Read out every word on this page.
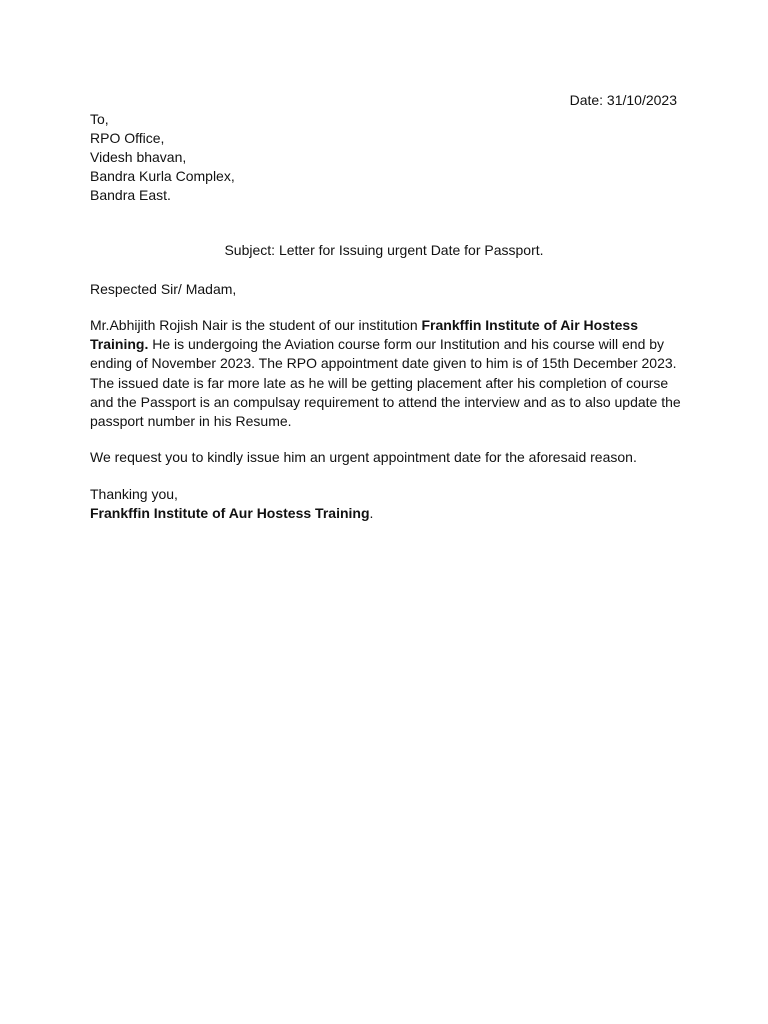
Date: 31/10/2023
To,
RPO Office,
Videsh bhavan,
Bandra Kurla Complex,
Bandra East.
Subject: Letter for Issuing urgent Date for Passport.
Respected Sir/ Madam,
Mr.Abhijith Rojish Nair is the student of our institution Frankffin Institute of Air Hostess
Training. He is undergoing the Aviation course form our Institution and his course will end by
ending of November 2023. The RPO appointment date given to him is of 15th December 2023.
The issued date is far more late as he will be getting placement after his completion of course
and the Passport is an compulsay requirement to attend the interview and as to also update the
passport number in his Resume.
We request you to kindly issue him an urgent appointment date for the aforesaid reason.
Thanking you,
Frankffin Institute of Aur Hostess Training.
